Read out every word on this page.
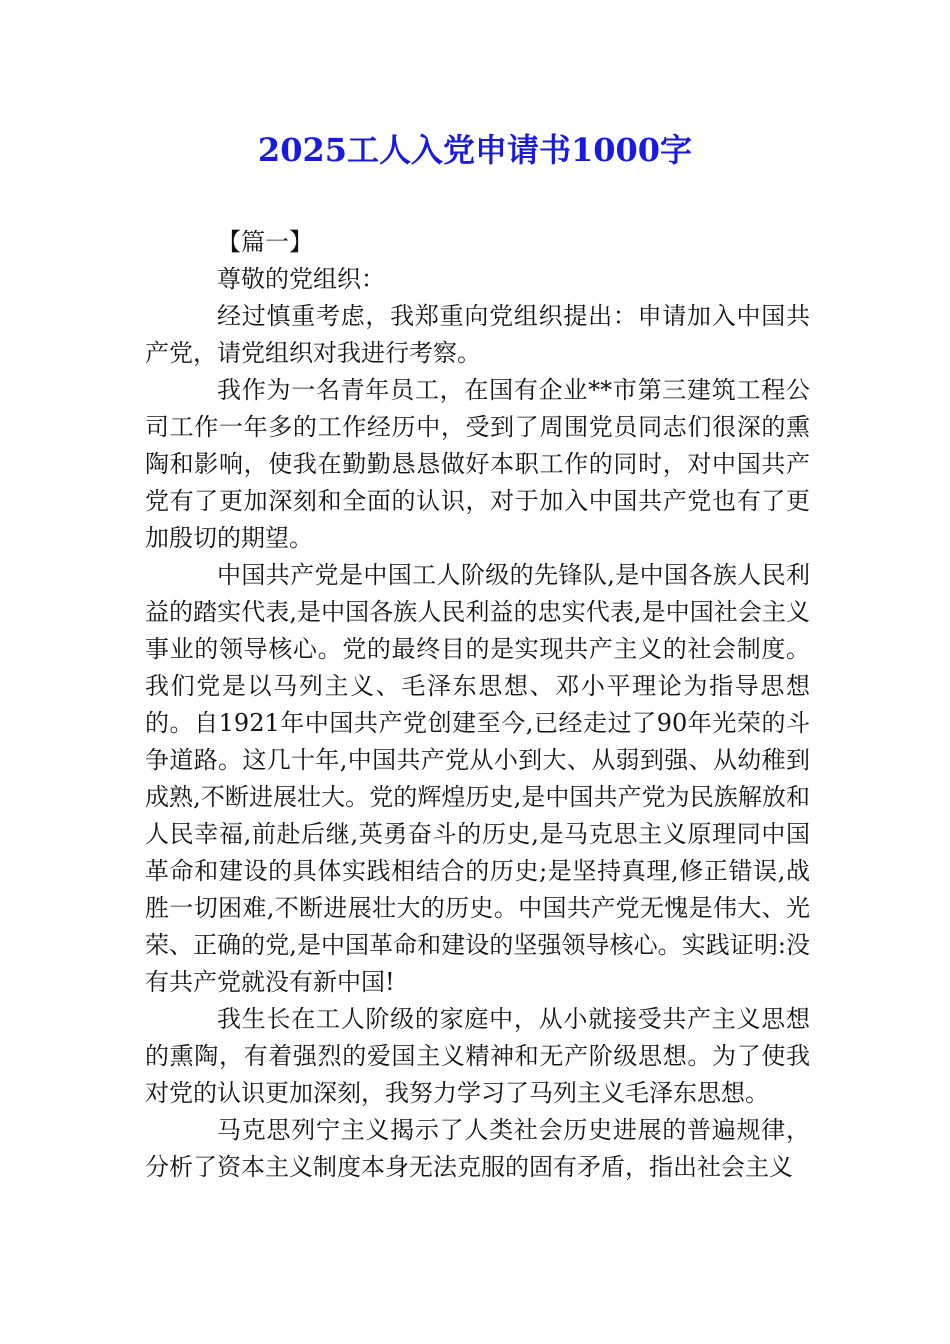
2025工人入党申请书1000字

【篇一】

尊敬的党组织：

经过慎重考虑，我郑重向党组织提出：申请加入中国共产党，请党组织对我进行考察。

我作为一名青年员工，在国有企业**市第三建筑工程公司工作一年多的工作经历中，受到了周围党员同志们很深的熏陶和影响，使我在勤勤恳恳做好本职工作的同时，对中国共产党有了更加深刻和全面的认识，对于加入中国共产党也有了更加殷切的期望。

中国共产党是中国工人阶级的先锋队,是中国各族人民利益的踏实代表,是中国各族人民利益的忠实代表,是中国社会主义事业的领导核心。党的最终目的是实现共产主义的社会制度。我们党是以马列主义、毛泽东思想、邓小平理论为指导思想的。自1921年中国共产党创建至今,已经走过了90年光荣的斗争道路。这几十年,中国共产党从小到大、从弱到强、从幼稚到成熟,不断进展壮大。党的辉煌历史,是中国共产党为民族解放和人民幸福,前赴后继,英勇奋斗的历史,是马克思主义原理同中国革命和建设的具体实践相结合的历史;是坚持真理,修正错误,战胜一切困难,不断进展壮大的历史。中国共产党无愧是伟大、光荣、正确的党,是中国革命和建设的坚强领导核心。实践证明:没有共产党就没有新中国!

我生长在工人阶级的家庭中，从小就接受共产主义思想的熏陶，有着强烈的爱国主义精神和无产阶级思想。为了使我对党的认识更加深刻，我努力学习了马列主义毛泽东思想。

马克思列宁主义揭示了人类社会历史进展的普遍规律，分析了资本主义制度本身无法克服的固有矛盾，指出社会主义
